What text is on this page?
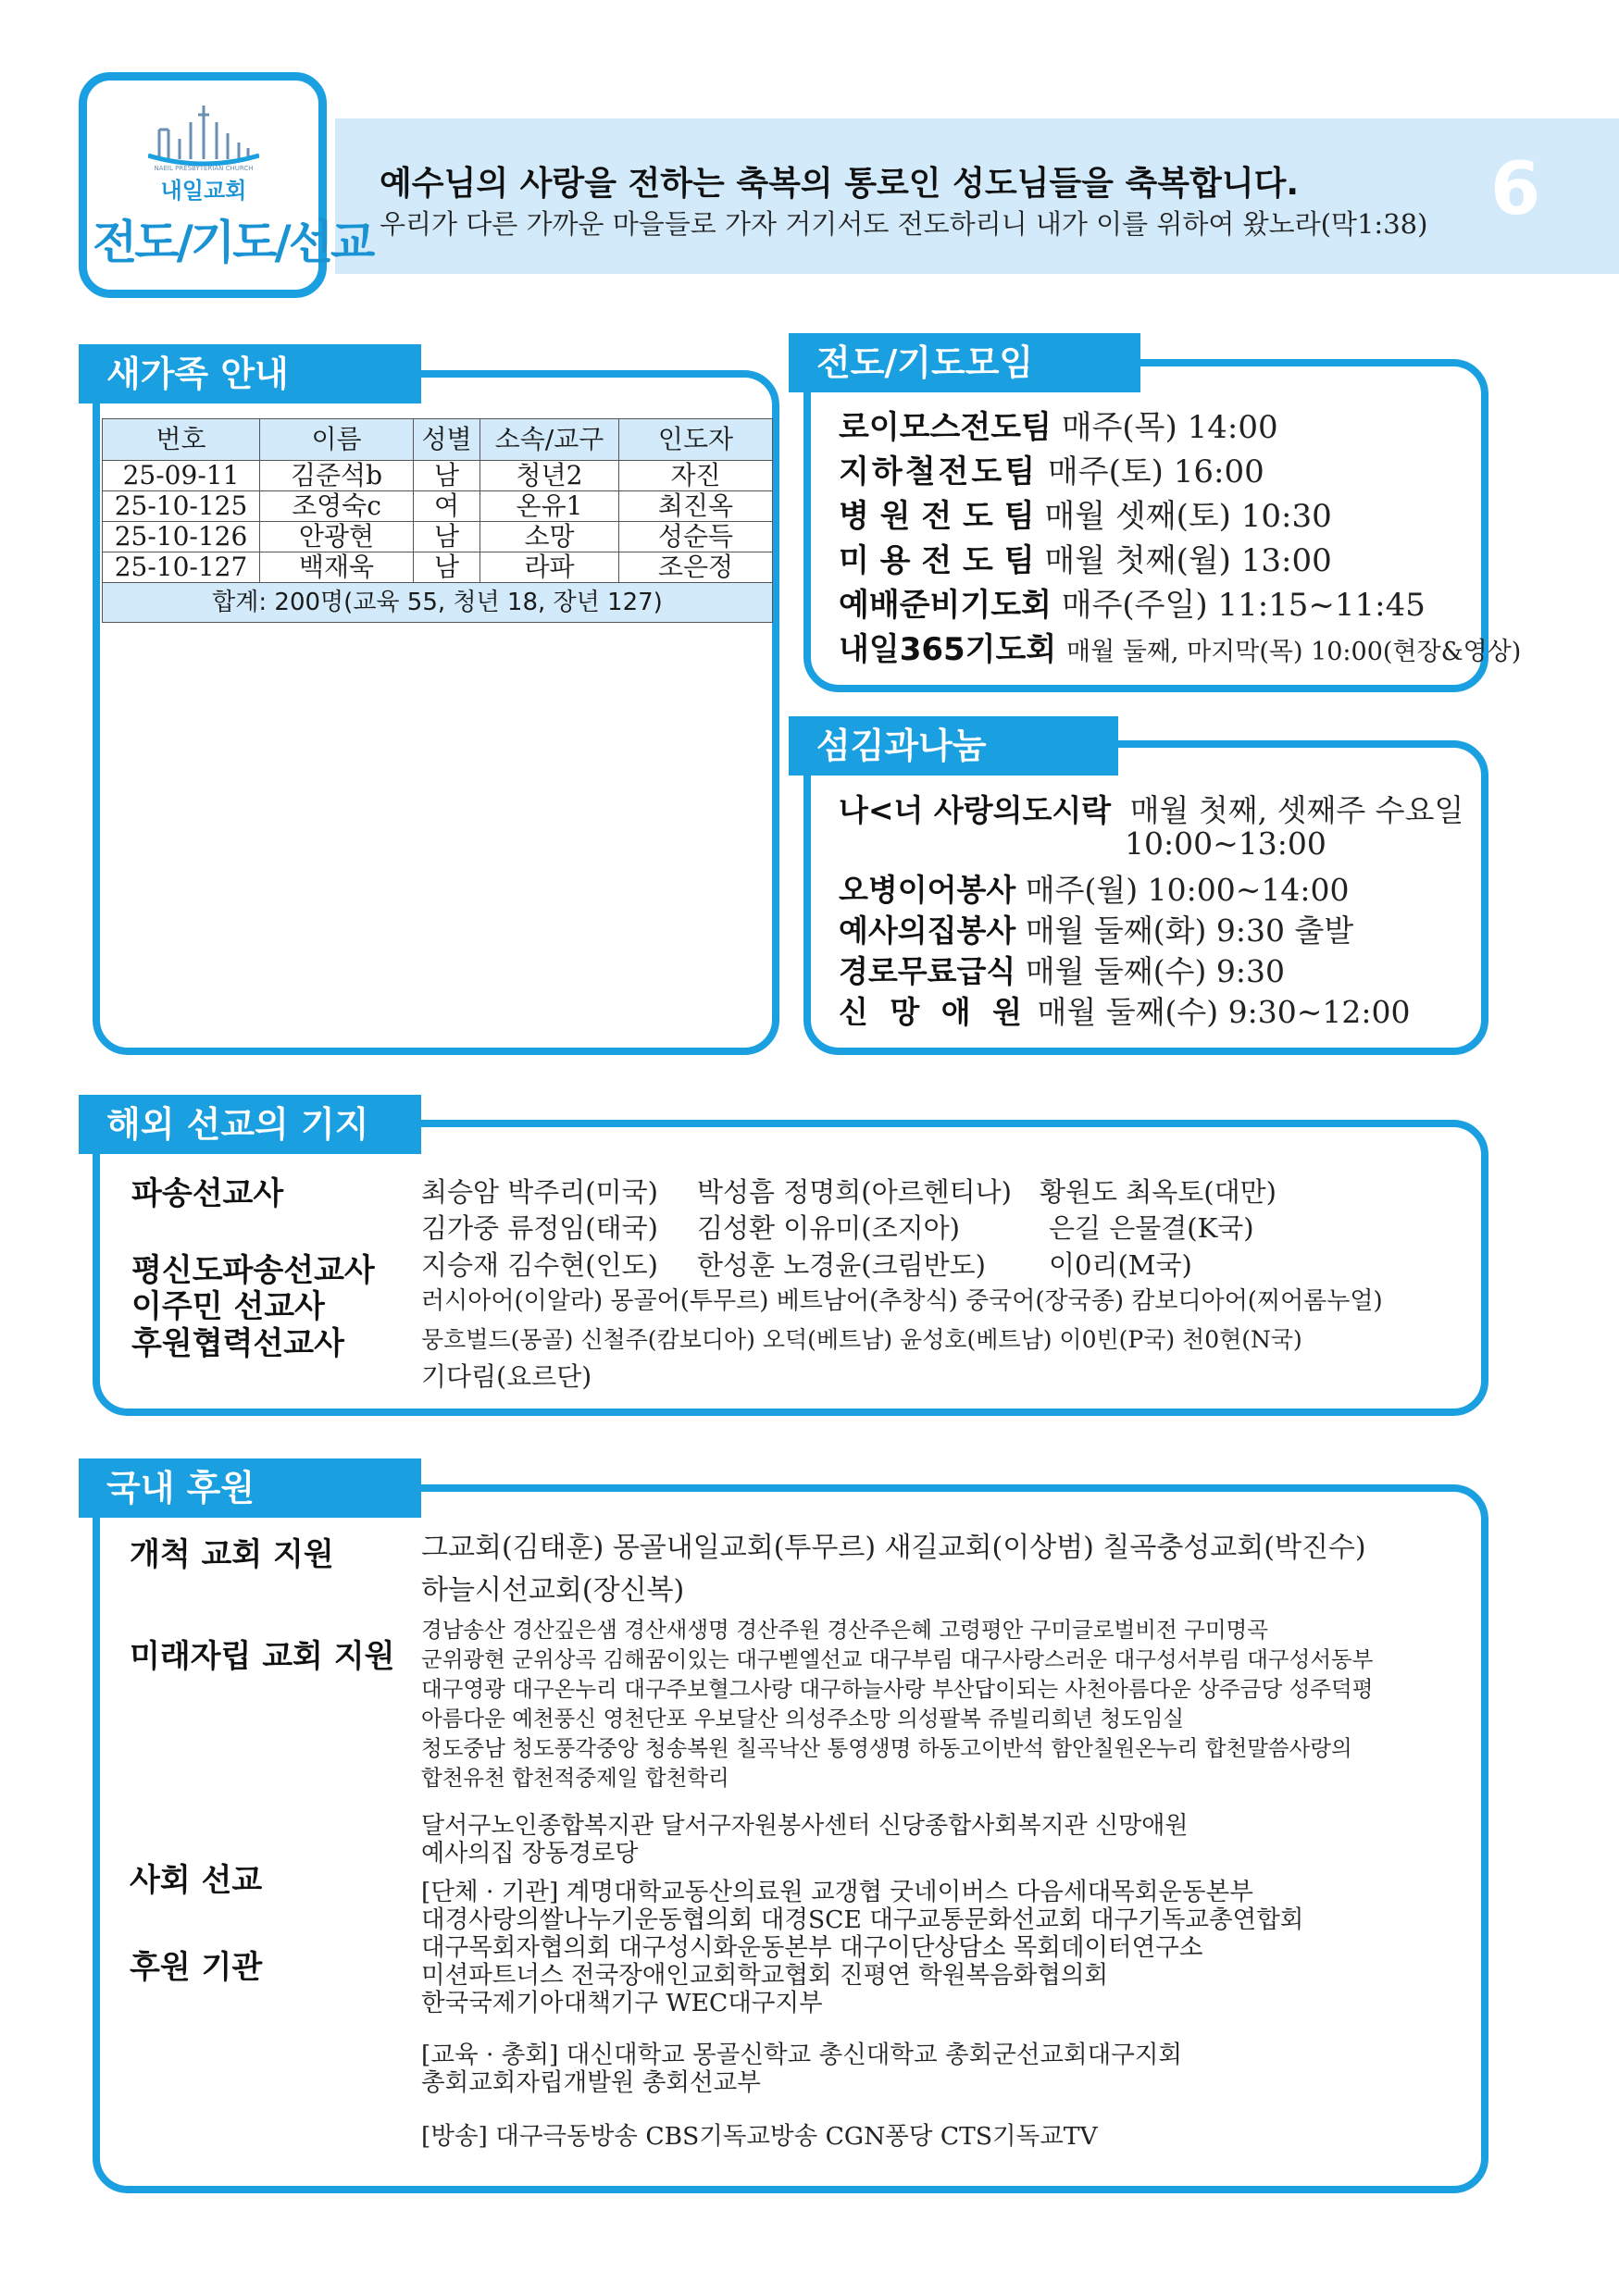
NAEIL PRESBYTERIAN CHURCH
내일교회
전도/기도/선교
예수님의 사랑을 전하는 축복의 통로인 성도님들을 축복합니다.
우리가 다른 가까운 마을들로 가자 거기서도 전도하리니 내가 이를 위하여 왔노라(막1:38) 6
새가족 안내
번호	이름	성별	소속/교구	인도자
25-09-11	김준석b	남	청년2	자진
25-10-125	조영숙c	여	온유1	최진옥
25-10-126	안광현	남	소망	성순득
25-10-127	백재욱	남	라파	조은정
합계: 200명(교육 55, 청년 18, 장년 127)				
전도/기도모임
로이모스전도팀 매주(목) 14:00
지하철전도팀 매주(토) 16:00
병 원 전 도 팀 매월 셋째(토) 10:30
미 용 전 도 팀 매월 첫째(월) 13:00
예배준비기도회 매주(주일) 11:15~11:45
내일365기도회 매월 둘째, 마지막(목) 10:00(현장&영상)
섬김과나눔
나<너 사랑의도시락 매월 첫째, 셋째주 수요일
10:00~13:00
오병이어봉사 매주(월) 10:00~14:00
예사의집봉사 매월 둘째(화) 9:30 출발
경로무료급식 매월 둘째(수) 9:30
신 망 애 원 매월 둘째(수) 9:30~12:00
해외 선교의 기지
파송선교사
평신도파송선교사
이주민 선교사
후원협력선교사
최승암 박주리(미국) 박성흠 정명희(아르헨티나) 황원도 최옥토(대만)
김가중 류정임(태국) 김성환 이유미(조지아)	은길 은물결(K국)
지승재 김수현(인도) 한성훈 노경윤(크림반도) 이0리(M국)
러시아어(이알라) 몽골어(투무르) 베트남어(추창식) 중국어(장국종) 캄보디아어(찌어롬누얼)
뭉흐벌드(몽골) 신철주(캄보디아) 오덕(베트남) 윤성호(베트남) 이0빈(P국) 천0현(N국)
기다림(요르단)
국내 후원
개척 교회 지원
미래자립 교회 지원
사회 선교
후원 기관
그교회(김태훈) 몽골내일교회(투무르) 새길교회(이상범) 칠곡충성교회(박진수)
하늘시선교회(장신복)
경남송산 경산깊은샘 경산새생명 경산주원 경산주은혜 고령평안 구미글로벌비전 구미명곡
군위광현 군위상곡 김해꿈이있는 대구벧엘선교 대구부림 대구사랑스러운 대구성서부림 대구성서동부
대구영광 대구온누리 대구주보혈그사랑 대구하늘사랑 부산답이되는 사천아름다운 상주금당 성주덕평
아름다운 예천풍신 영천단포 우보달산 의성주소망 의성팔복 쥬빌리희년 청도임실
청도중남 청도풍각중앙 청송복원 칠곡낙산 통영생명 하동고이반석 함안칠원온누리 합천말씀사랑의
합천유천 합천적중제일 합천학리
달서구노인종합복지관 달서구자원봉사센터 신당종합사회복지관 신망애원
예사의집 장동경로당
[단체 · 기관] 계명대학교동산의료원 교갱협 굿네이버스 다음세대목회운동본부
대경사랑의쌀나누기운동협의회 대경SCE 대구교통문화선교회 대구기독교총연합회
대구목회자협의회 대구성시화운동본부 대구이단상담소 목회데이터연구소
미션파트너스 전국장애인교회학교협회 진평연 학원복음화협의회
한국국제기아대책기구 WEC대구지부
[교육 · 총회] 대신대학교 몽골신학교 총신대학교 총회군선교회대구지회
총회교회자립개발원 총회선교부
[방송] 대구극동방송 CBS기독교방송 CGN퐁당 CTS기독교TV
